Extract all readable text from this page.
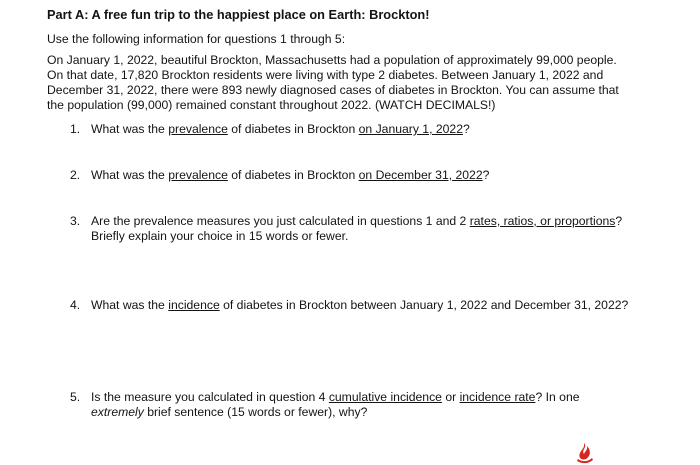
Part A: A free fun trip to the happiest place on Earth: Brockton!
Use the following information for questions 1 through 5:
On January 1, 2022, beautiful Brockton, Massachusetts had a population of approximately 99,000 people.
On that date, 17,820 Brockton residents were living with type 2 diabetes. Between January 1, 2022 and
December 31, 2022, there were 893 newly diagnosed cases of diabetes in Brockton. You can assume that
the population (99,000) remained constant throughout 2022. (WATCH DECIMALS!)
1. What was the prevalence of diabetes in Brockton on January 1, 2022?
2. What was the prevalence of diabetes in Brockton on December 31, 2022?
3. Are the prevalence measures you just calculated in questions 1 and 2 rates, ratios, or proportions?
Briefly explain your choice in 15 words or fewer.
4. What was the incidence of diabetes in Brockton between January 1, 2022 and December 31, 2022?
5. Is the measure you calculated in question 4 cumulative incidence or incidence rate? In one
extremely brief sentence (15 words or fewer), why?
